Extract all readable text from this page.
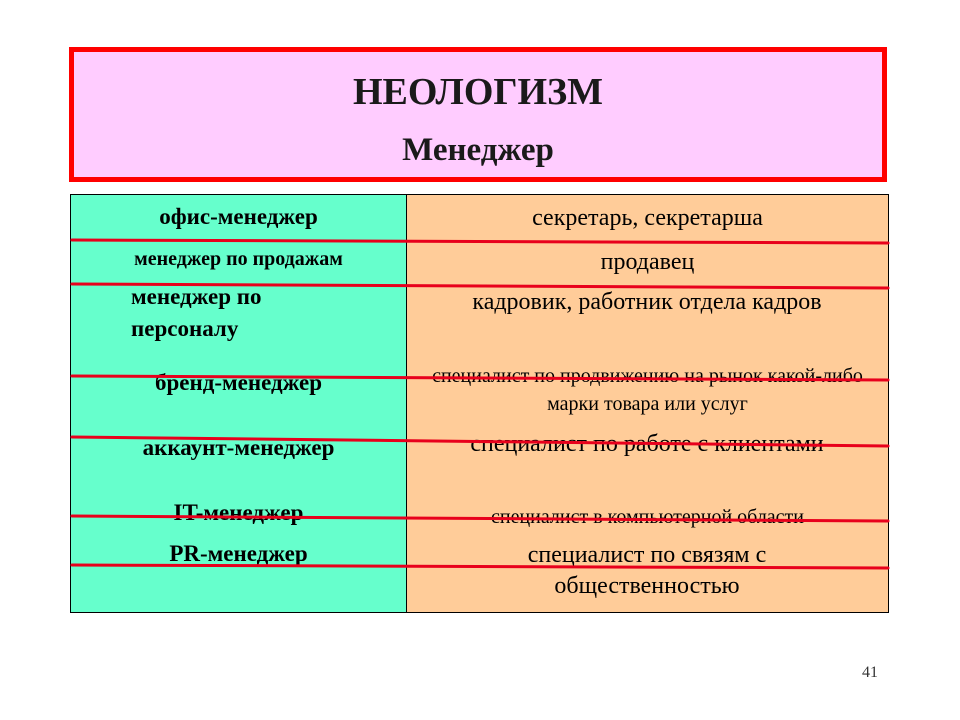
НЕОЛОГИЗМ
Менеджер
офис-менеджер
менеджер по продажам
менеджер по персоналу
бренд-менеджер
аккаунт-менеджер
IT-менеджер
PR-менеджер
секретарь, секретарша
продавец
кадровик, работник отдела кадров
специалист по продвижению на рынок какой-либо марки товара или услуг
специалист по работе с клиентами
специалист в компьютерной области
специалист по связям с общественностью
41
